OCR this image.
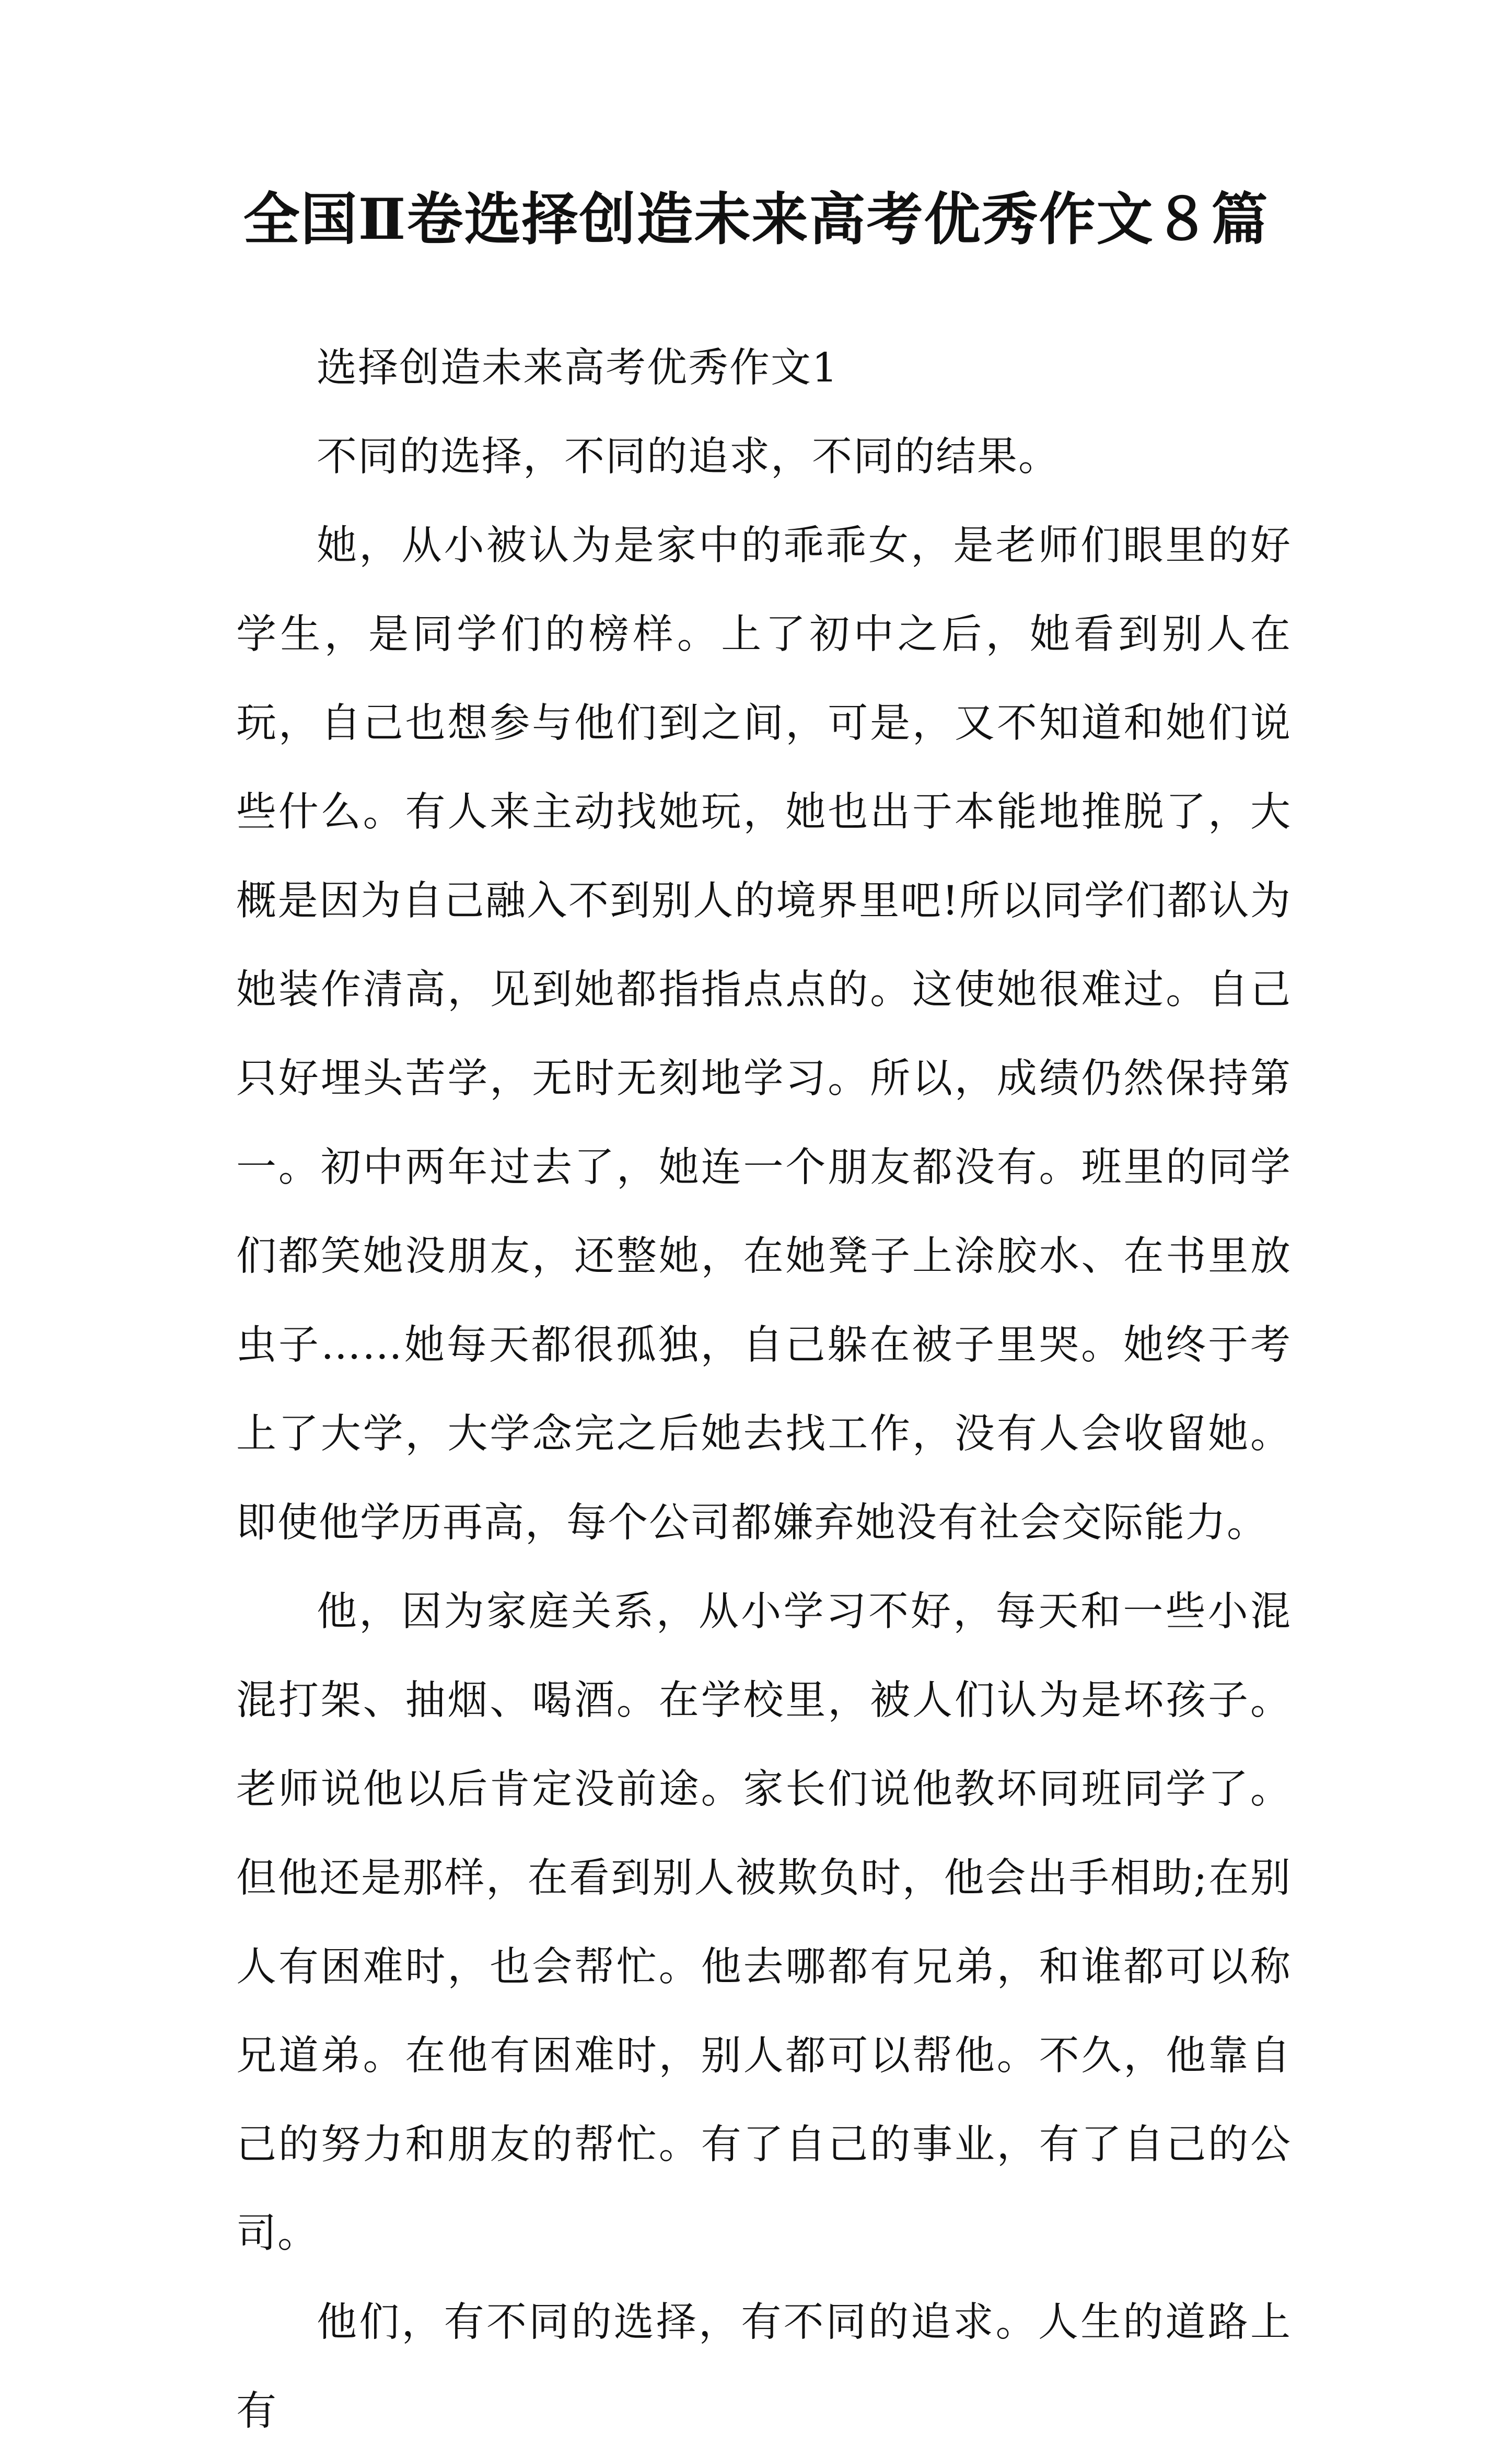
全国Ⅱ卷选择创造未来高考优秀作文８篇

选择创造未来高考优秀作文1

不同的选择，不同的追求，不同的结果。

她，从小被认为是家中的乖乖女，是老师们眼里的好学生，是同学们的榜样。上了初中之后，她看到别人在玩，自己也想参与他们到之间，可是，又不知道和她们说些什么。有人来主动找她玩，她也出于本能地推脱了，大概是因为自己融入不到别人的境界里吧!所以同学们都认为她装作清高，见到她都指指点点的。这使她很难过。自己只好埋头苦学，无时无刻地学习。所以，成绩仍然保持第一。初中两年过去了，她连一个朋友都没有。班里的同学们都笑她没朋友，还整她，在她凳子上涂胶水、在书里放虫子……她每天都很孤独，自己躲在被子里哭。她终于考上了大学，大学念完之后她去找工作，没有人会收留她。即使他学历再高，每个公司都嫌弃她没有社会交际能力。

他，因为家庭关系，从小学习不好，每天和一些小混混打架、抽烟、喝酒。在学校里，被人们认为是坏孩子。老师说他以后肯定没前途。家长们说他教坏同班同学了。但他还是那样，在看到别人被欺负时，他会出手相助;在别人有困难时，也会帮忙。他去哪都有兄弟，和谁都可以称兄道弟。在他有困难时，别人都可以帮他。不久，他靠自己的努力和朋友的帮忙。有了自己的事业，有了自己的公司。

他们，有不同的选择，有不同的追求。人生的道路上有
